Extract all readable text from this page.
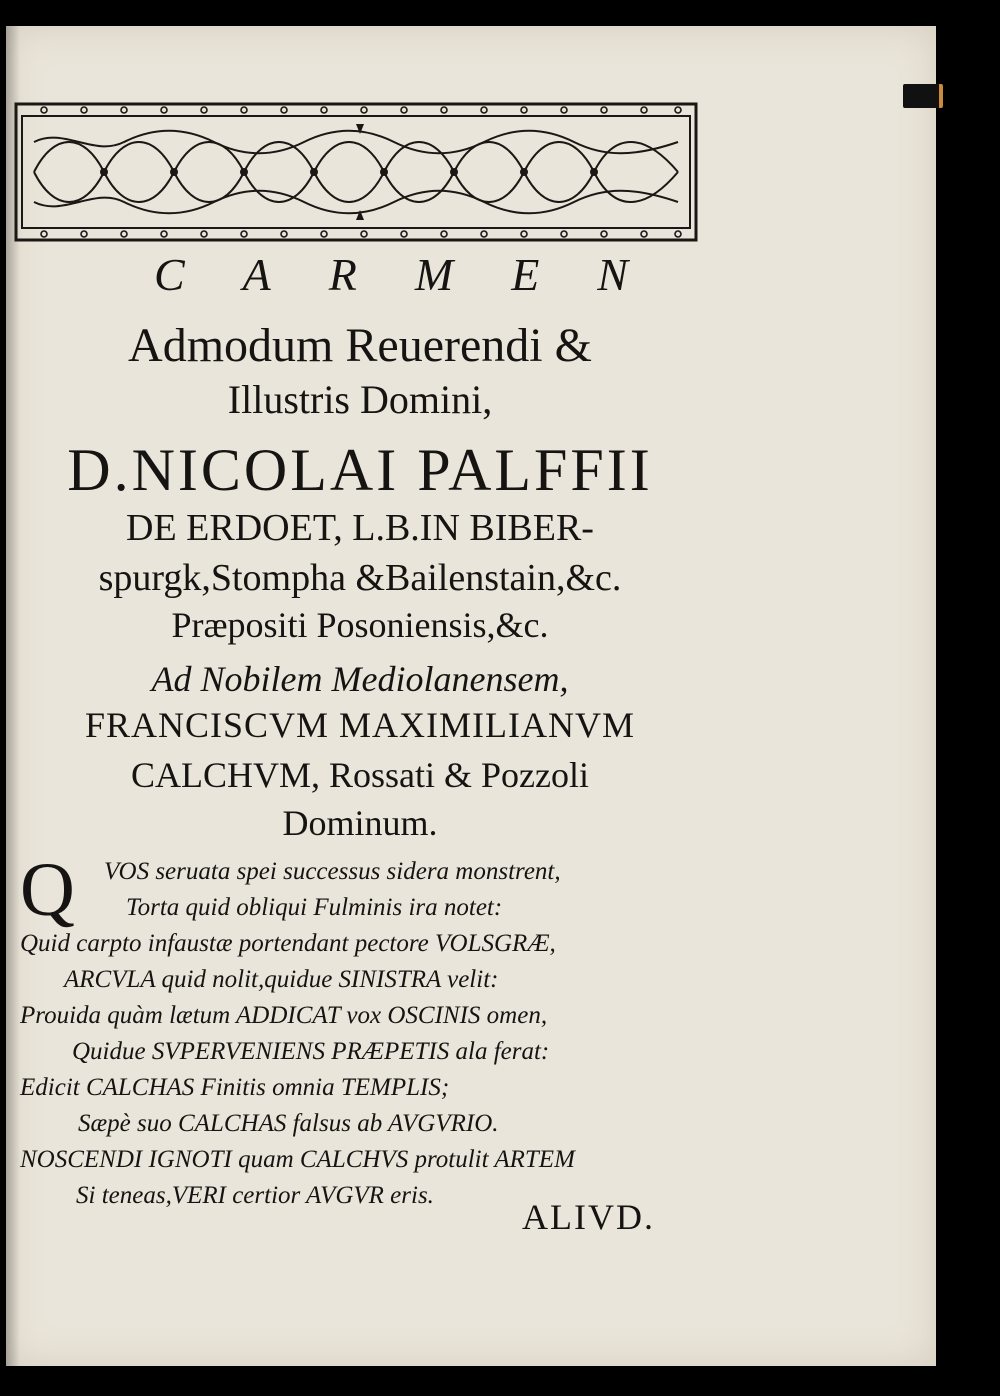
CARMEN
Admodum Reuerendi &
Illustris Domini,
D.NICOLAI PALFFII
DE ERDOET, L.B.IN BIBER-
spurgk,Stompha &Bailenstain,&c.
Præpositi Posoniensis,&c.
Ad Nobilem Mediolanensem,
FRANCISCVM MAXIMILIANVM
CALCHVM, Rossati & Pozzoli
Dominum.
Q VOS seruata spei successus sidera monstrent,
Torta quid obliqui Fulminis ira notet:
Quid carpto infaustæ portendant pectore VOLSGRÆ,
ARCVLA quid nolit,quidue SINISTRA velit:
Prouida quàm lætum ADDICAT vox OSCINIS omen,
Quidue SVPERVENIENS PRÆPETIS ala ferat:
Edicit CALCHAS Finitis omnia TEMPLIS;
Sæpè suo CALCHAS falsus ab AVGVRIO.
NOSCENDI IGNOTI quam CALCHVS protulit ARTEM
Si teneas,VERI certior AVGVR eris.
ALIVD.
